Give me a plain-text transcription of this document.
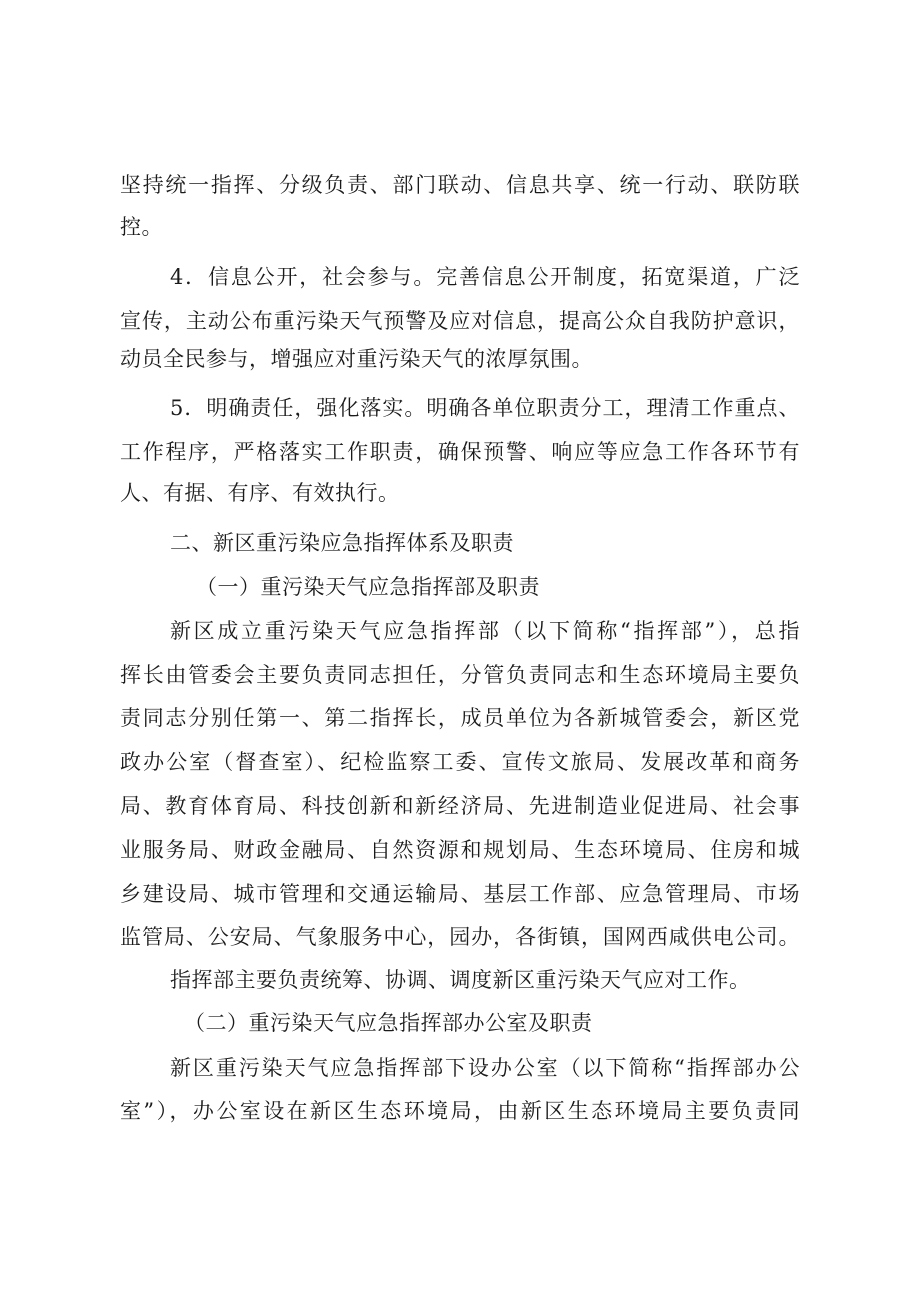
坚持统一指挥、分级负责、部门联动、信息共享、统一行动、联防联
控。
4．信息公开，社会参与。完善信息公开制度，拓宽渠道，广泛
宣传，主动公布重污染天气预警及应对信息，提高公众自我防护意识，
动员全民参与，增强应对重污染天气的浓厚氛围。
5．明确责任，强化落实。明确各单位职责分工，理清工作重点、
工作程序，严格落实工作职责，确保预警、响应等应急工作各环节有
人、有据、有序、有效执行。
二、新区重污染应急指挥体系及职责
（一）重污染天气应急指挥部及职责
新区成立重污染天气应急指挥部（以下简称“指挥部”），总指
挥长由管委会主要负责同志担任，分管负责同志和生态环境局主要负
责同志分别任第一、第二指挥长，成员单位为各新城管委会，新区党
政办公室（督查室）、纪检监察工委、宣传文旅局、发展改革和商务
局、教育体育局、科技创新和新经济局、先进制造业促进局、社会事
业服务局、财政金融局、自然资源和规划局、生态环境局、住房和城
乡建设局、城市管理和交通运输局、基层工作部、应急管理局、市场
监管局、公安局、气象服务中心，园办，各街镇，国网西咸供电公司。
指挥部主要负责统筹、协调、调度新区重污染天气应对工作。
（二）重污染天气应急指挥部办公室及职责
新区重污染天气应急指挥部下设办公室（以下简称“指挥部办公
室”），办公室设在新区生态环境局，由新区生态环境局主要负责同
